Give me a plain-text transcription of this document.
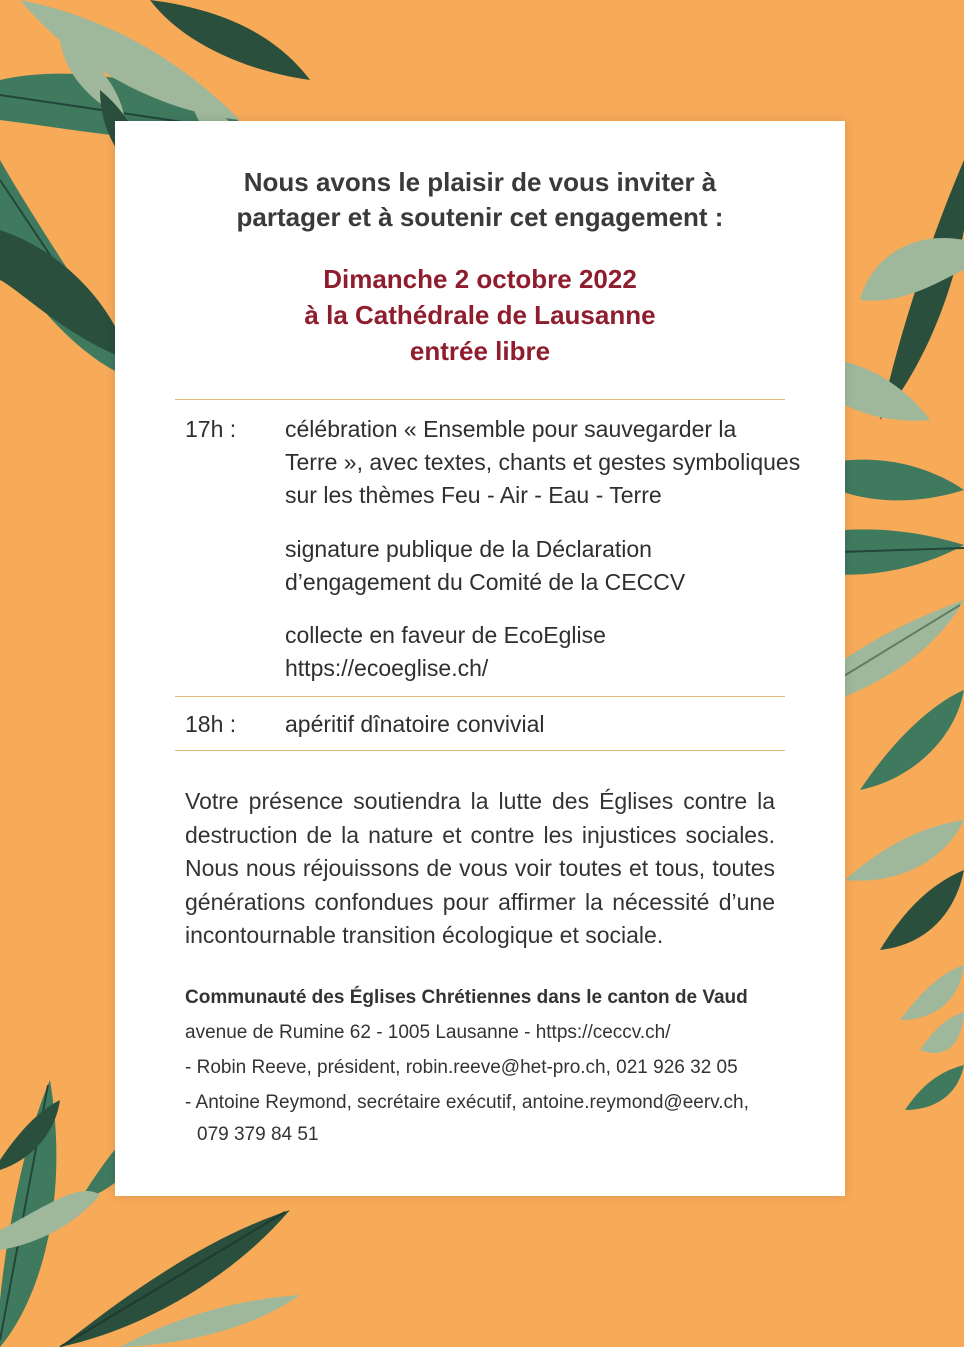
Nous avons le plaisir de vous inviter à
partager et à soutenir cet engagement :
Dimanche 2 octobre 2022
à la Cathédrale de Lausanne
entrée libre
17h : célébration « Ensemble pour sauvegarder la
Terre », avec textes, chants et gestes symboliques
sur les thèmes Feu - Air - Eau - Terre
signature publique de la Déclaration
d’engagement du Comité de la CECCV
collecte en faveur de EcoEglise
https://ecoeglise.ch/
18h : apéritif dînatoire convivial
Votre présence soutiendra la lutte des Églises contre la destruction de la nature et contre les injustices sociales. Nous nous réjouissons de vous voir toutes et tous, toutes générations confondues pour affirmer la nécessité d’une incontournable transition écologique et sociale.
Communauté des Églises Chrétiennes dans le canton de Vaud
avenue de Rumine 62 - 1005 Lausanne - https://ceccv.ch/
- Robin Reeve, président, robin.reeve@het-pro.ch, 021 926 32 05
- Antoine Reymond, secrétaire exécutif, antoine.reymond@eerv.ch,
079 379 84 51
